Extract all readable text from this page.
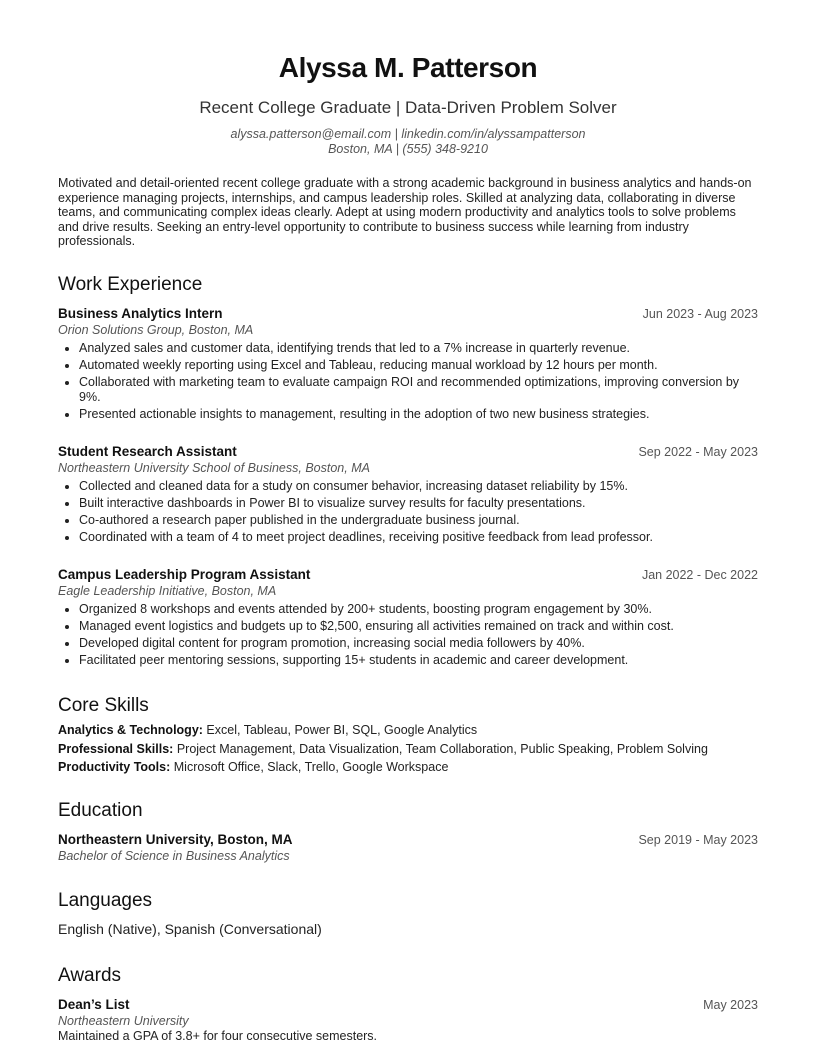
Alyssa M. Patterson
Recent College Graduate | Data-Driven Problem Solver
alyssa.patterson@email.com | linkedin.com/in/alyssampatterson
Boston, MA | (555) 348-9210
Motivated and detail-oriented recent college graduate with a strong academic background in business analytics and hands-on experience managing projects, internships, and campus leadership roles. Skilled at analyzing data, collaborating in diverse teams, and communicating complex ideas clearly. Adept at using modern productivity and analytics tools to solve problems and drive results. Seeking an entry-level opportunity to contribute to business success while learning from industry professionals.
Work Experience
Business Analytics Intern	Jun 2023 - Aug 2023
Orion Solutions Group, Boston, MA
• Analyzed sales and customer data, identifying trends that led to a 7% increase in quarterly revenue.
• Automated weekly reporting using Excel and Tableau, reducing manual workload by 12 hours per month.
• Collaborated with marketing team to evaluate campaign ROI and recommended optimizations, improving conversion by 9%.
• Presented actionable insights to management, resulting in the adoption of two new business strategies.
Student Research Assistant	Sep 2022 - May 2023
Northeastern University School of Business, Boston, MA
• Collected and cleaned data for a study on consumer behavior, increasing dataset reliability by 15%.
• Built interactive dashboards in Power BI to visualize survey results for faculty presentations.
• Co-authored a research paper published in the undergraduate business journal.
• Coordinated with a team of 4 to meet project deadlines, receiving positive feedback from lead professor.
Campus Leadership Program Assistant	Jan 2022 - Dec 2022
Eagle Leadership Initiative, Boston, MA
• Organized 8 workshops and events attended by 200+ students, boosting program engagement by 30%.
• Managed event logistics and budgets up to $2,500, ensuring all activities remained on track and within cost.
• Developed digital content for program promotion, increasing social media followers by 40%.
• Facilitated peer mentoring sessions, supporting 15+ students in academic and career development.
Core Skills
Analytics & Technology: Excel, Tableau, Power BI, SQL, Google Analytics
Professional Skills: Project Management, Data Visualization, Team Collaboration, Public Speaking, Problem Solving
Productivity Tools: Microsoft Office, Slack, Trello, Google Workspace
Education
Northeastern University, Boston, MA	Sep 2019 - May 2023
Bachelor of Science in Business Analytics
Languages
English (Native), Spanish (Conversational)
Awards
Dean’s List	May 2023
Northeastern University
Maintained a GPA of 3.8+ for four consecutive semesters.
